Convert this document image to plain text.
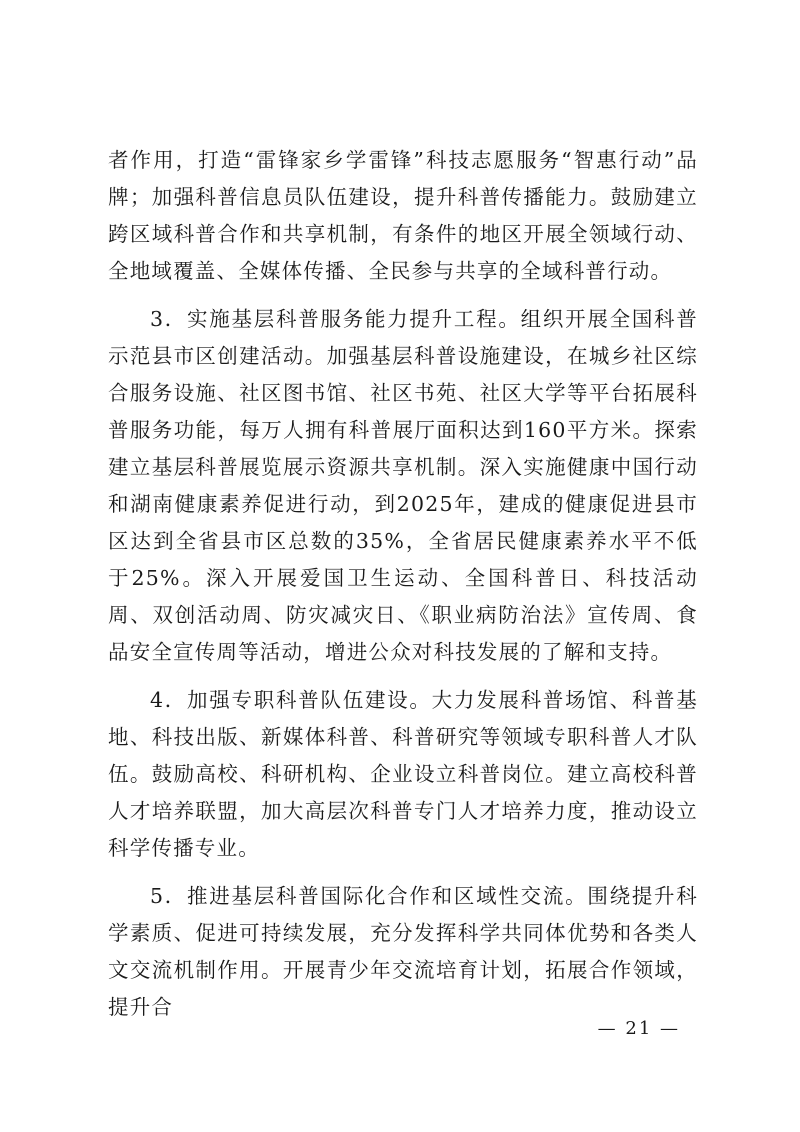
者作用，打造“雷锋家乡学雷锋”科技志愿服务“智惠行动”品牌；加强科普信息员队伍建设，提升科普传播能力。鼓励建立跨区域科普合作和共享机制，有条件的地区开展全领域行动、全地域覆盖、全媒体传播、全民参与共享的全域科普行动。

3．实施基层科普服务能力提升工程。组织开展全国科普示范县市区创建活动。加强基层科普设施建设，在城乡社区综合服务设施、社区图书馆、社区书苑、社区大学等平台拓展科普服务功能，每万人拥有科普展厅面积达到160平方米。探索建立基层科普展览展示资源共享机制。深入实施健康中国行动和湖南健康素养促进行动，到2025年，建成的健康促进县市区达到全省县市区总数的35%，全省居民健康素养水平不低于25%。深入开展爱国卫生运动、全国科普日、科技活动周、双创活动周、防灾减灾日、《职业病防治法》宣传周、食品安全宣传周等活动，增进公众对科技发展的了解和支持。

4．加强专职科普队伍建设。大力发展科普场馆、科普基地、科技出版、新媒体科普、科普研究等领域专职科普人才队伍。鼓励高校、科研机构、企业设立科普岗位。建立高校科普人才培养联盟，加大高层次科普专门人才培养力度，推动设立科学传播专业。

5．推进基层科普国际化合作和区域性交流。围绕提升科学素质、促进可持续发展，充分发挥科学共同体优势和各类人文交流机制作用。开展青少年交流培育计划，拓展合作领域，提升合

— 21 —
